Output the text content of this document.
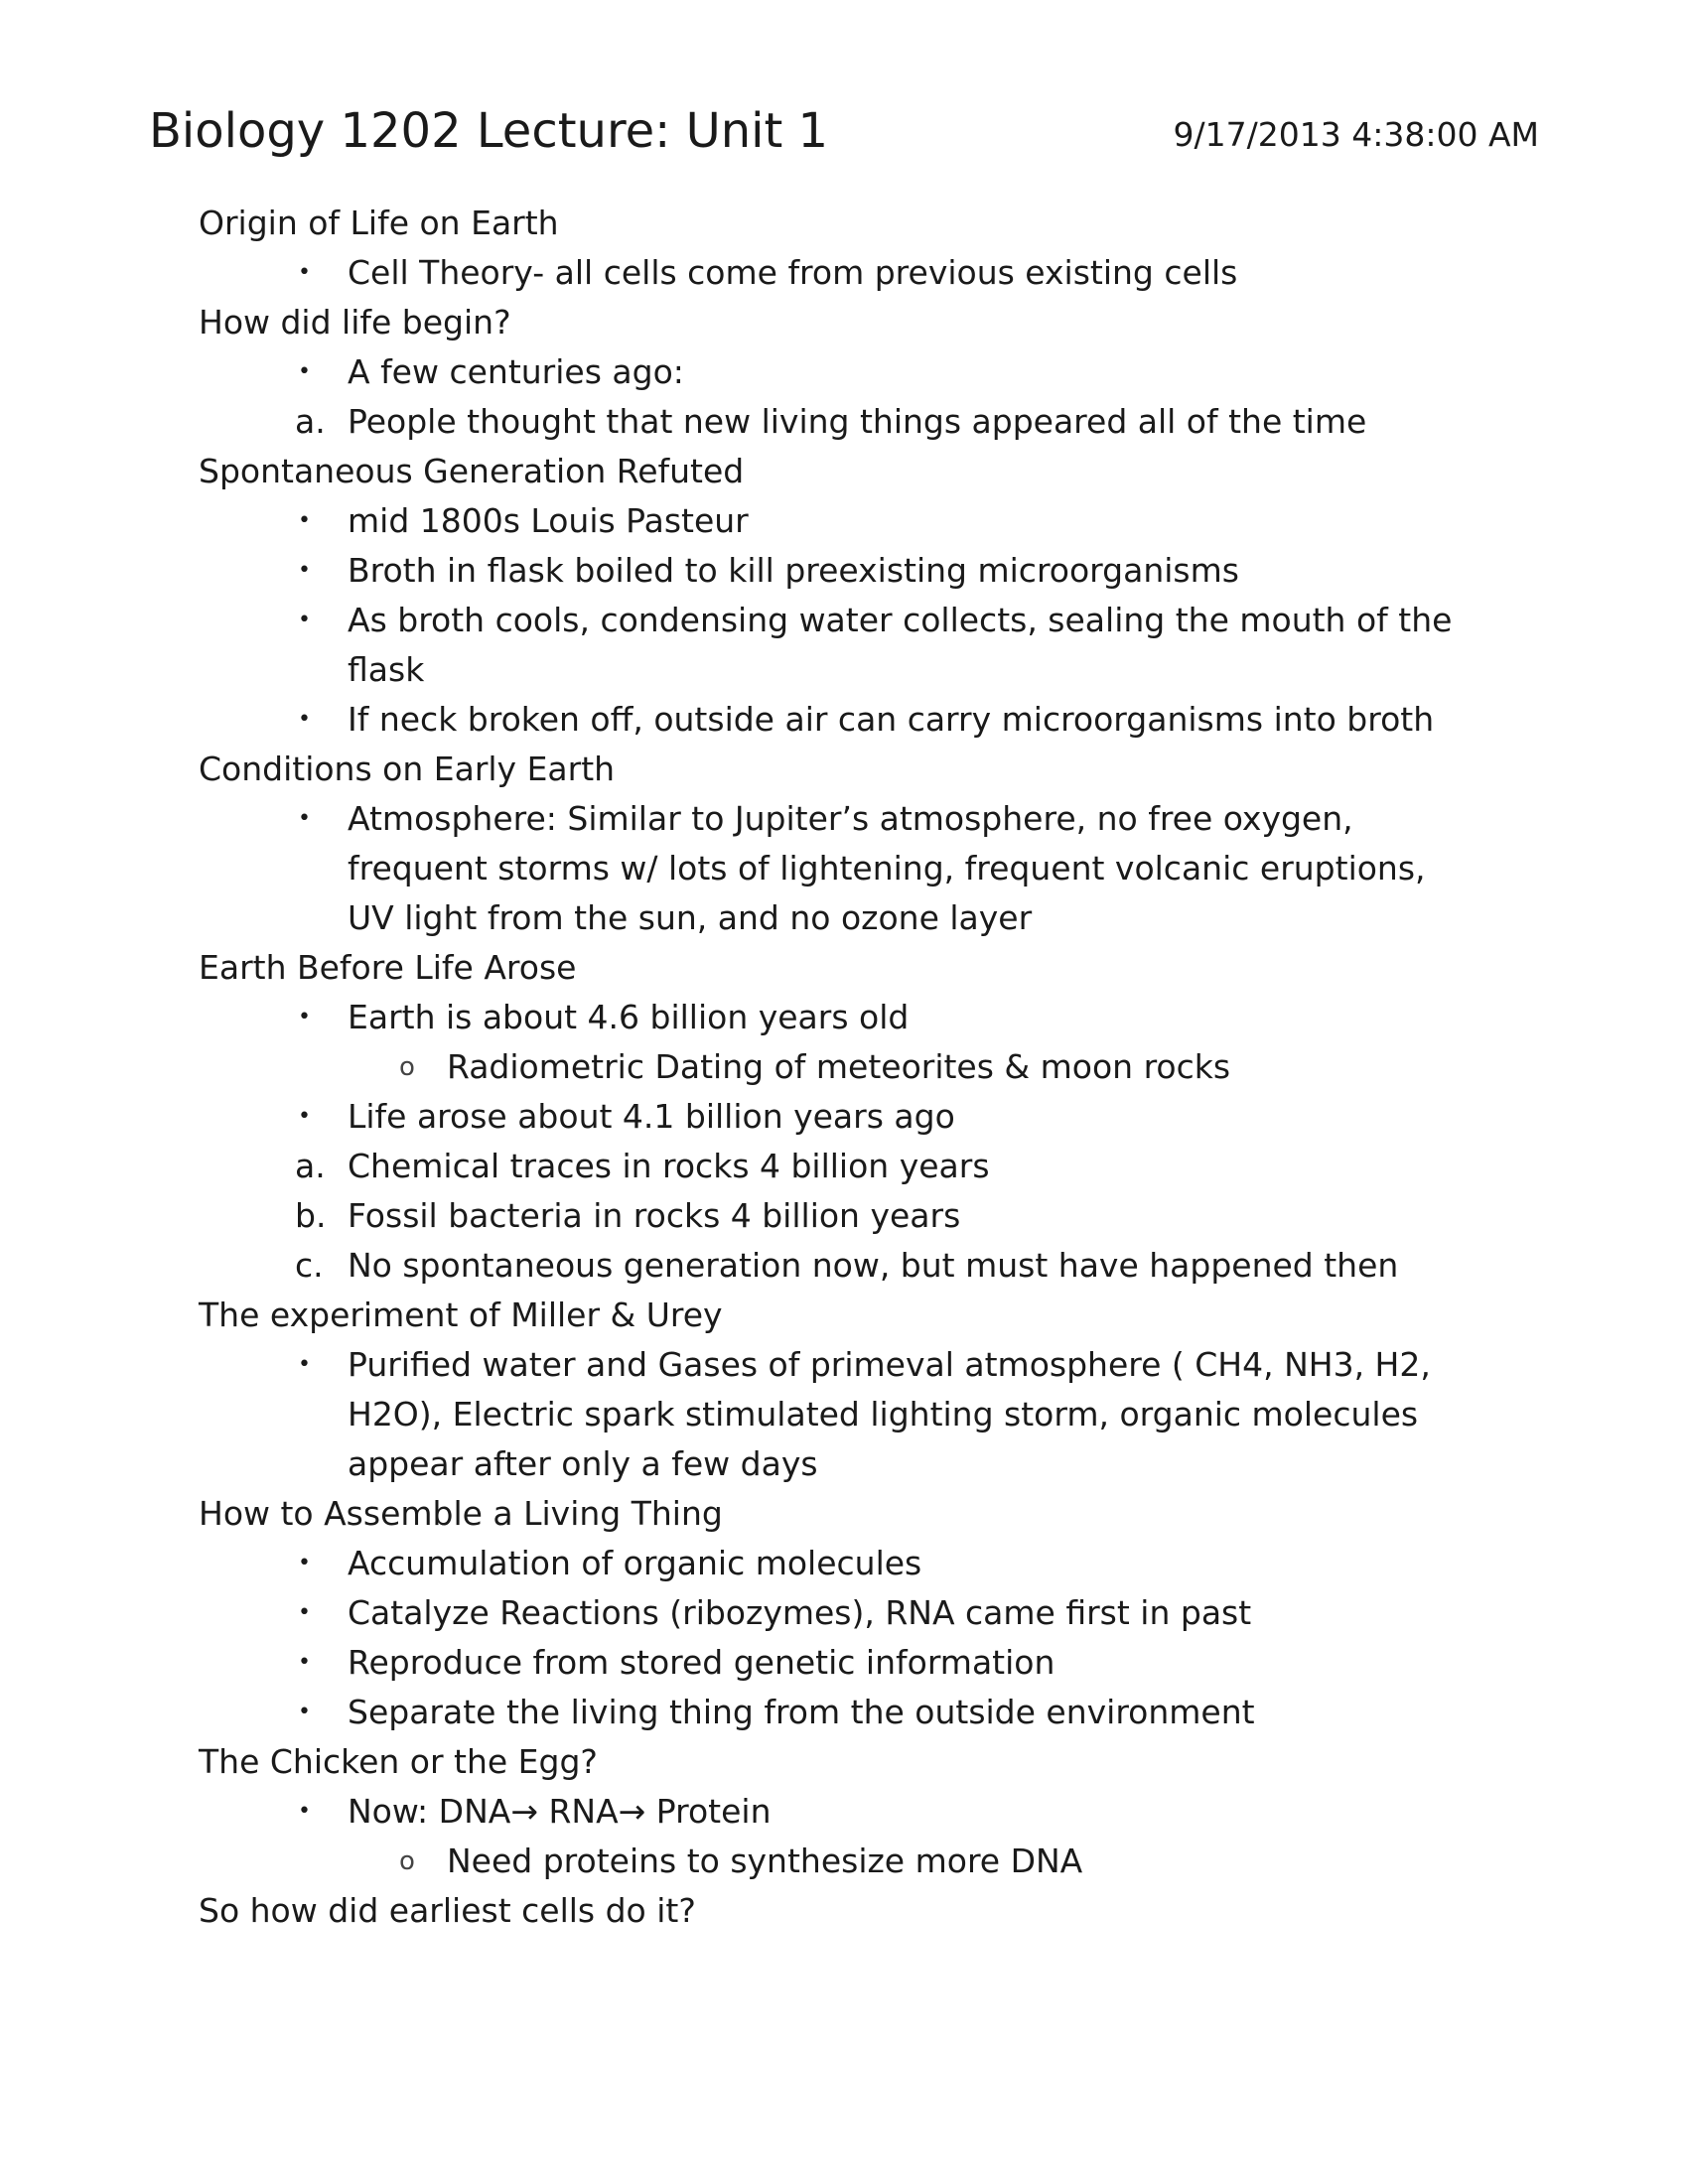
Biology 1202 Lecture: Unit 1	9/17/2013 4:38:00 AM
Origin of Life on Earth
•	Cell Theory- all cells come from previous existing cells
How did life begin?
•	A few centuries ago:
a. People thought that new living things appeared all of the time
Spontaneous Generation Refuted
•	mid 1800s Louis Pasteur
•	Broth in flask boiled to kill preexisting microorganisms
•	As broth cools, condensing water collects, sealing the mouth of the flask
•	If neck broken off, outside air can carry microorganisms into broth
Conditions on Early Earth
•	Atmosphere: Similar to Jupiter’s atmosphere, no free oxygen, frequent storms w/ lots of lightening, frequent volcanic eruptions, UV light from the sun, and no ozone layer
Earth Before Life Arose
•	Earth is about 4.6 billion years old
o Radiometric Dating of meteorites & moon rocks
•	Life arose about 4.1 billion years ago
a. Chemical traces in rocks 4 billion years
b. Fossil bacteria in rocks 4 billion years
c. No spontaneous generation now, but must have happened then
The experiment of Miller & Urey
•	Purified water and Gases of primeval atmosphere ( CH4, NH3, H2, H2O), Electric spark stimulated lighting storm, organic molecules appear after only a few days
How to Assemble a Living Thing
•	Accumulation of organic molecules
•	Catalyze Reactions (ribozymes), RNA came first in past
•	Reproduce from stored genetic information
•	Separate the living thing from the outside environment
The Chicken or the Egg?
•	Now: DNA→ RNA→ Protein
o Need proteins to synthesize more DNA
So how did earliest cells do it?
